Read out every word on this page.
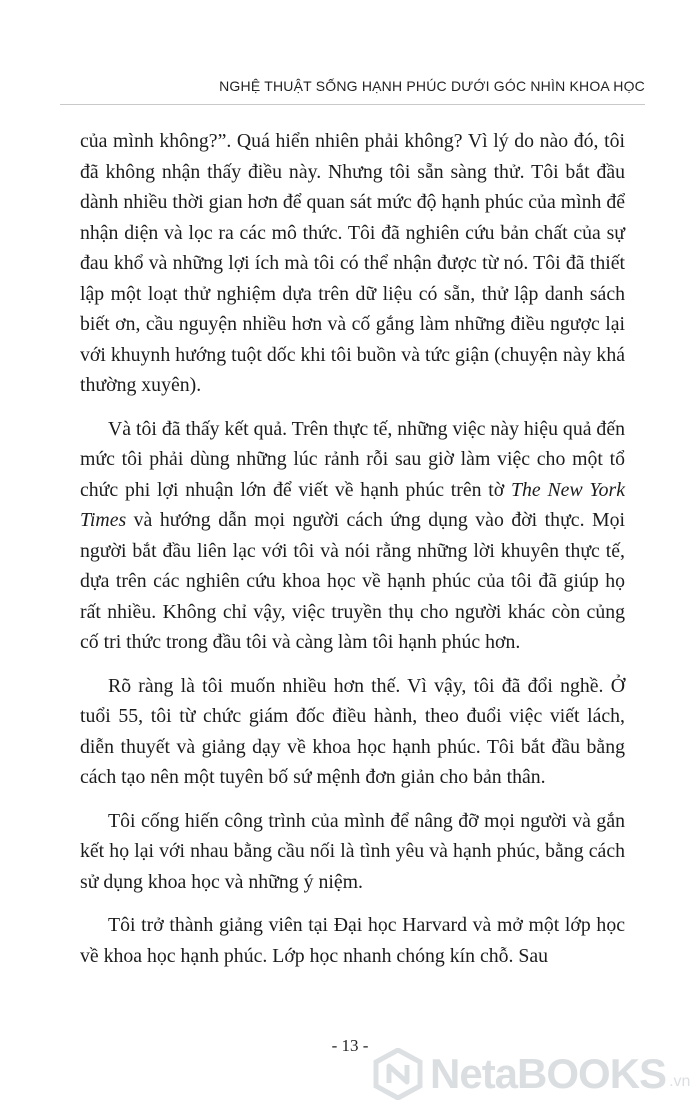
NGHỆ THUẬT SỐNG HẠNH PHÚC DƯỚI GÓC NHÌN KHOA HỌC

của mình không?”. Quá hiển nhiên phải không? Vì lý do nào đó, tôi đã không nhận thấy điều này. Nhưng tôi sẵn sàng thử. Tôi bắt đầu dành nhiều thời gian hơn để quan sát mức độ hạnh phúc của mình để nhận diện và lọc ra các mô thức. Tôi đã nghiên cứu bản chất của sự đau khổ và những lợi ích mà tôi có thể nhận được từ nó. Tôi đã thiết lập một loạt thử nghiệm dựa trên dữ liệu có sẵn, thử lập danh sách biết ơn, cầu nguyện nhiều hơn và cố gắng làm những điều ngược lại với khuynh hướng tuột dốc khi tôi buồn và tức giận (chuyện này khá thường xuyên).

Và tôi đã thấy kết quả. Trên thực tế, những việc này hiệu quả đến mức tôi phải dùng những lúc rảnh rỗi sau giờ làm việc cho một tổ chức phi lợi nhuận lớn để viết về hạnh phúc trên tờ The New York Times và hướng dẫn mọi người cách ứng dụng vào đời thực. Mọi người bắt đầu liên lạc với tôi và nói rằng những lời khuyên thực tế, dựa trên các nghiên cứu khoa học về hạnh phúc của tôi đã giúp họ rất nhiều. Không chỉ vậy, việc truyền thụ cho người khác còn củng cố tri thức trong đầu tôi và càng làm tôi hạnh phúc hơn.

Rõ ràng là tôi muốn nhiều hơn thế. Vì vậy, tôi đã đổi nghề. Ở tuổi 55, tôi từ chức giám đốc điều hành, theo đuổi việc viết lách, diễn thuyết và giảng dạy về khoa học hạnh phúc. Tôi bắt đầu bằng cách tạo nên một tuyên bố sứ mệnh đơn giản cho bản thân.

Tôi cống hiến công trình của mình để nâng đỡ mọi người và gắn kết họ lại với nhau bằng cầu nối là tình yêu và hạnh phúc, bằng cách sử dụng khoa học và những ý niệm.

Tôi trở thành giảng viên tại Đại học Harvard và mở một lớp học về khoa học hạnh phúc. Lớp học nhanh chóng kín chỗ. Sau

- 13 -
NetaBOOKS .vn
